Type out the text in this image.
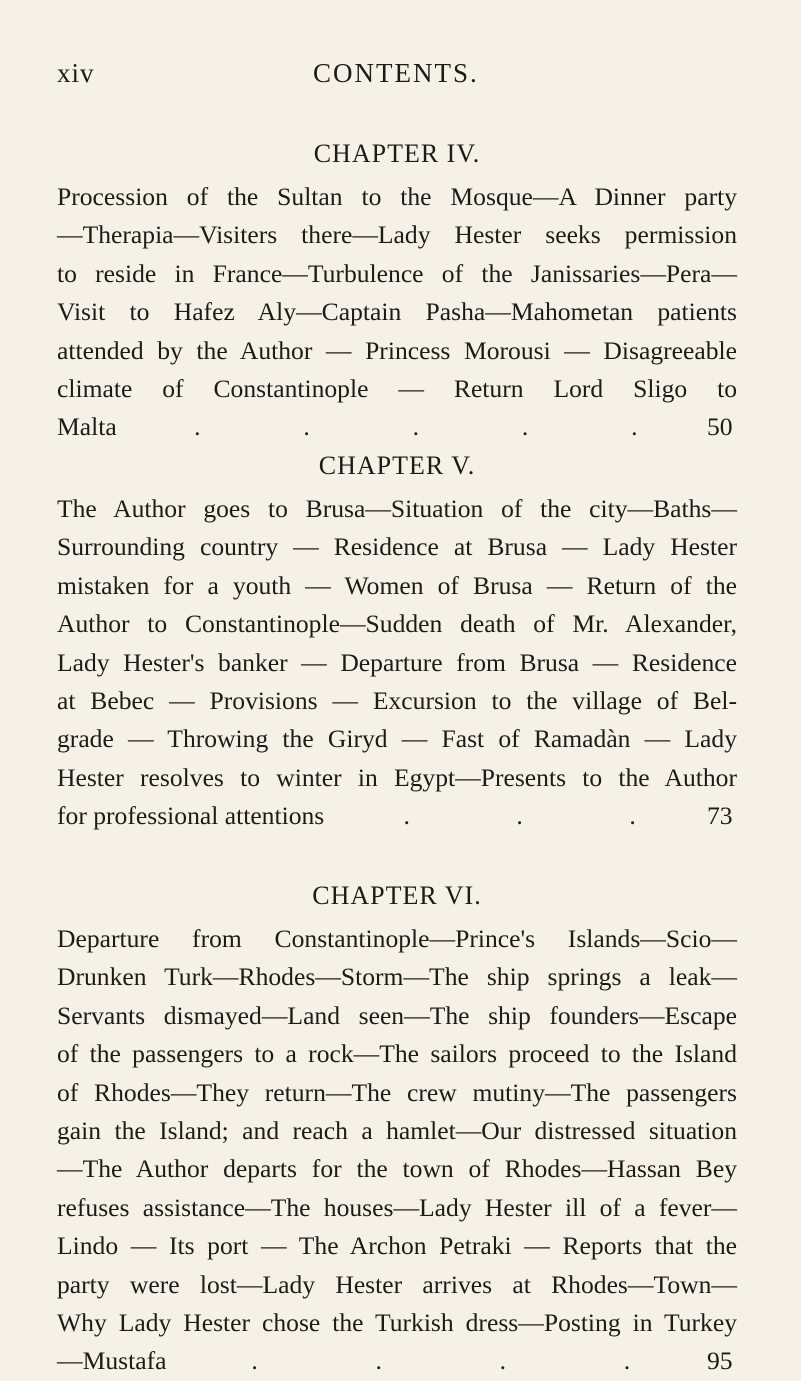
xiv	CONTENTS.
CHAPTER IV.
Procession of the Sultan to the Mosque—A Dinner party
—Therapia—Visiters there—Lady Hester seeks permission
to reside in France—Turbulence of the Janissaries—Pera—
Visit to Hafez Aly—Captain Pasha—Mahometan patients
attended by the Author — Princess Morousi — Disagreeable
climate of Constantinople — Return Lord Sligo to
Malta	.	.	.	.	.	50
CHAPTER V.
The Author goes to Brusa—Situation of the city—Baths—
Surrounding country — Residence at Brusa — Lady Hester
mistaken for a youth — Women of Brusa — Return of the
Author to Constantinople—Sudden death of Mr. Alexander,
Lady Hester's banker — Departure from Brusa — Residence
at Bebec — Provisions — Excursion to the village of Bel-
grade — Throwing the Giryd — Fast of Ramadàn — Lady
Hester resolves to winter in Egypt—Presents to the Author
for professional attentions	.	.	.	73
CHAPTER VI.
Departure from Constantinople—Prince's Islands—Scio—
Drunken Turk—Rhodes—Storm—The ship springs a leak—
Servants dismayed—Land seen—The ship founders—Escape
of the passengers to a rock—The sailors proceed to the Island
of Rhodes—They return—The crew mutiny—The passengers
gain the Island; and reach a hamlet—Our distressed situation
—The Author departs for the town of Rhodes—Hassan Bey
refuses assistance—The houses—Lady Hester ill of a fever—
Lindo — Its port — The Archon Petraki — Reports that the
party were lost—Lady Hester arrives at Rhodes—Town—
Why Lady Hester chose the Turkish dress—Posting in Turkey
—Mustafa	.	.	.	.	95
